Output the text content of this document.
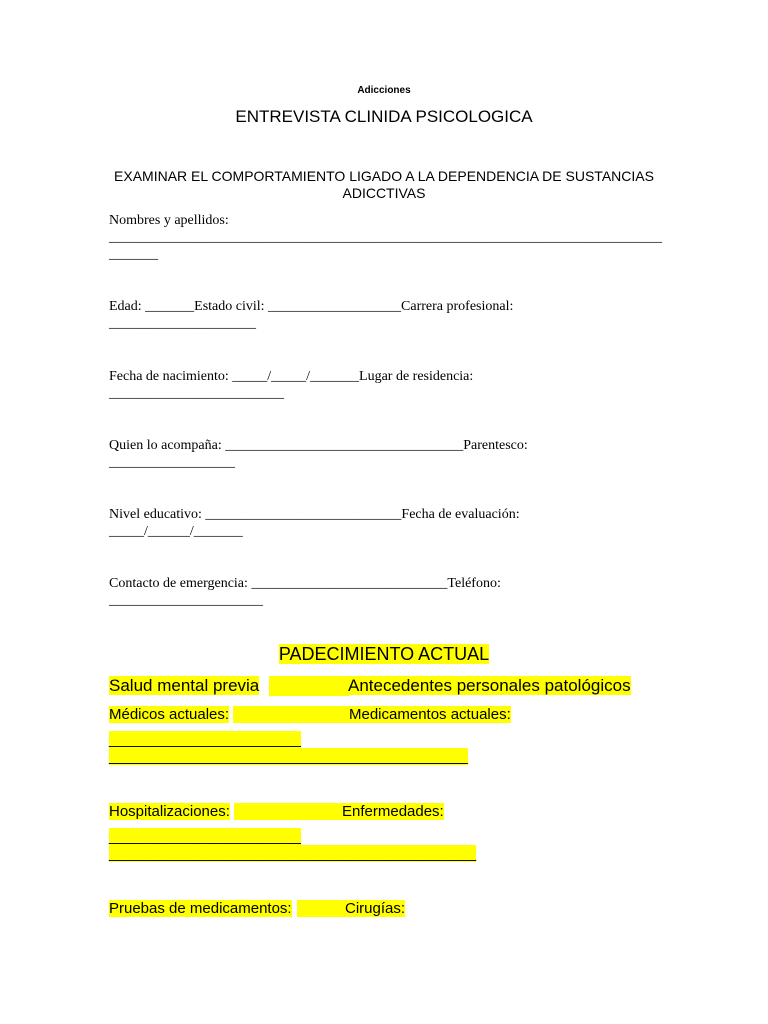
Adicciones
ENTREVISTA CLINIDA PSICOLOGICA
EXAMINAR EL COMPORTAMIENTO LIGADO A LA DEPENDENCIA DE SUSTANCIAS
ADICCTIVAS
Nombres y apellidos:
_______________________________________________________________________________
_______
Edad: _______Estado civil: ___________________Carrera profesional:
_____________________
Fecha de nacimiento: _____/_____/_______Lugar de residencia:
_________________________
Quien lo acompaña: __________________________________Parentesco:
__________________
Nivel educativo: ____________________________Fecha de evaluación:
_____/______/_______
Contacto de emergencia: ____________________________Teléfono:
______________________
PADECIMIENTO ACTUAL
Salud mental previa	Antecedentes personales patológicos
Médicos actuales:	Medicamentos actuales:
_______________________
___________________________________________
Hospitalizaciones:	Enfermedades:
_______________________
____________________________________________
Pruebas de medicamentos:	Cirugías:
